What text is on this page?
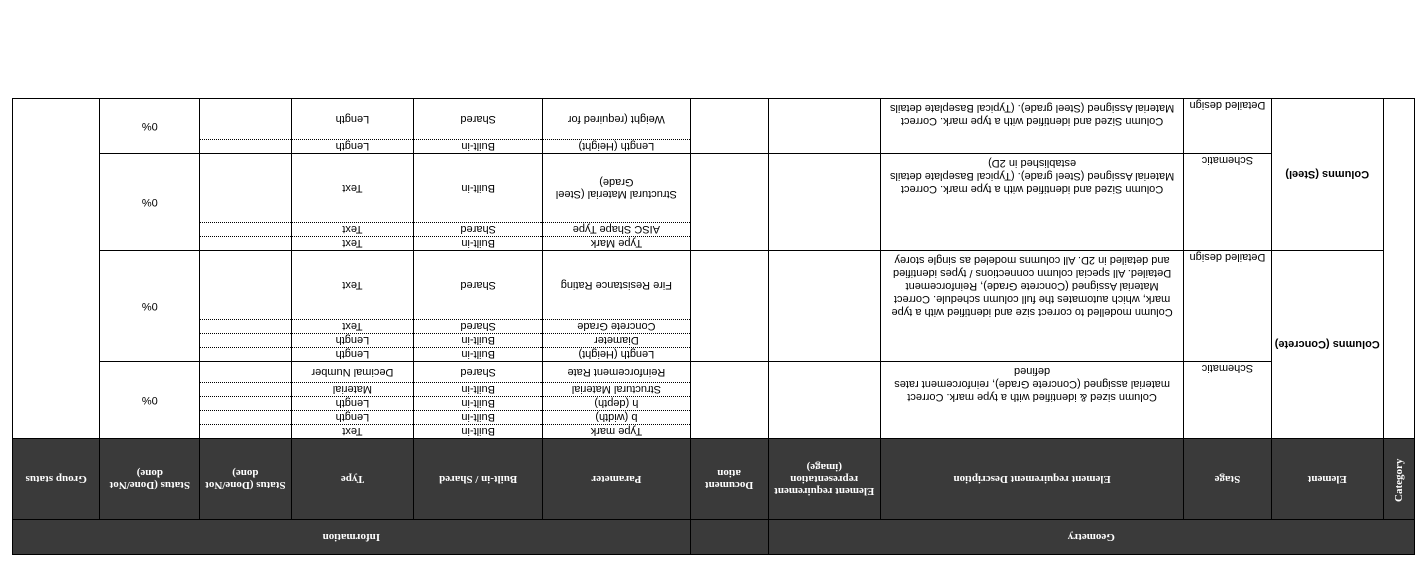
Geometry						Information					
Category	Element	Stage	Element requirement Description	Element requirement representation (image)	Document ation	Parameter	Built-in / Shared	Type	Status (Done/Not done)	Status (Done/Not done)	Group status
	Columns (Concrete)	Schematic	Column sized & identified with a type mark. Correct material assigned (Concrete Grade), reinforcement rates defined			Type mark	Built-in	Text		0%	
						b (width)	Built-in	Length			
						h (depth)	Built-in	Length			
						Structural Material	Built-in	Material			
						Reinforcement Rate	Shared	Decimal Number			
		Detailed design	Column modelled to correct size and identified with a type mark, which automates the full column schedule. Correct Material Assigned (Concrete Grade), Reinforcement Detailed. All special column connections / types identified and detailed in 2D. All columns modeled as single storey			Length (Height)	Built-in	Length		0%	
						Diameter	Built-in	Length			
						Concrete Grade	Shared	Text			
						Fire Resistance Rating	Shared	Text			
	Columns (Steel)	Schematic	Column Sized and identified with a type mark. Correct Material Assigned (Steel grade). (Typical Baseplate details established in 2D)			Type Mark	Built-in	Text		0%	
						AISC Shape Type	Shared	Text			
						Structural Material (Steel Grade)	Built-in	Text			
		Detailed design	Column Sized and identified with a type mark. Correct Material Assigned (Steel grade). (Typical Baseplate details			Length (Height)	Built-in	Length		0%	
						Weight (required for	Shared	Length			
